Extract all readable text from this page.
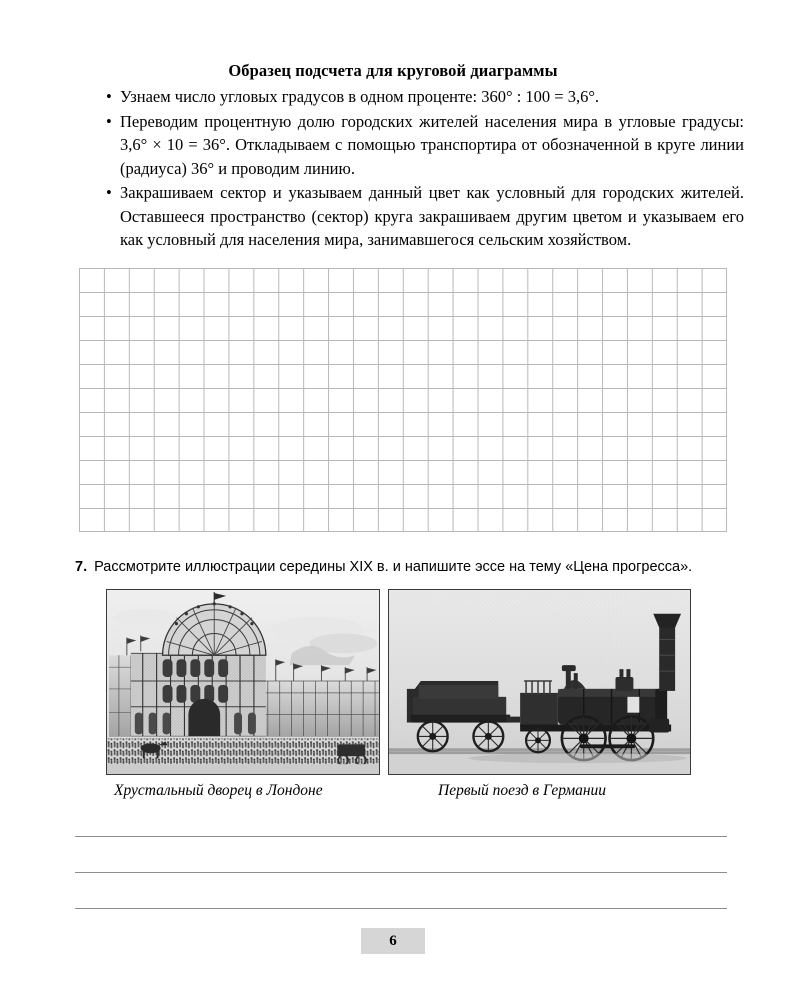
Образец подсчета для круговой диаграммы
• Узнаем число угловых градусов в одном проценте: 360° : 100 = 3,6°.
• Переводим процентную долю городских жителей населения мира в угловые градусы: 3,6° × 10 = 36°. Откладываем с помощью транспортира от обозначенной в круге линии (радиуса) 36° и проводим линию.
• Закрашиваем сектор и указываем данный цвет как условный для городских жителей. Оставшееся пространство (сектор) круга закрашиваем другим цветом и указываем его как условный для населения мира, занимавшегося сельским хозяйством.
7. Рассмотрите иллюстрации середины XIX в. и напишите эссе на тему «Цена прогресса».
Хрустальный дворец в Лондоне	Первый поезд в Германии
6
